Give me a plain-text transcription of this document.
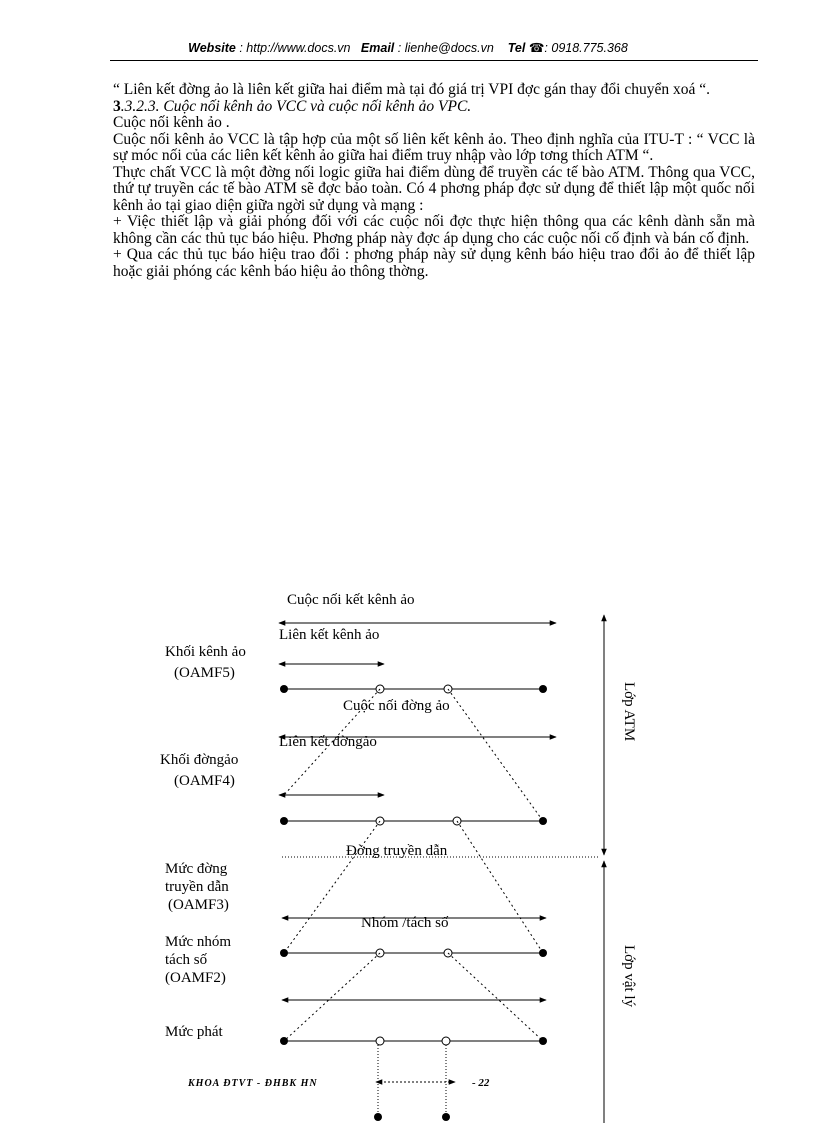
Website : http://www.docs.vn Email : lienhe@docs.vn Tel ☎: 0918.775.368

“ Liên kết đờng ảo là liên kết giữa hai điểm mà tại đó giá trị VPI đợc gán thay đổi chuyển xoá “.

3.3.2.3. Cuộc nối kênh ảo VCC và cuộc nối kênh ảo VPC.

Cuộc nối kênh ảo .

Cuộc nối kênh ảo VCC là tập hợp của một số liên kết kênh ảo. Theo định nghĩa của ITU-T : “ VCC là sự móc nối của các liên kết kênh ảo giữa hai điểm truy nhập vào lớp tơng thích ATM “.

Thực chất VCC là một đờng nối logic giữa hai điểm dùng để truyền các tế bào ATM. Thông qua VCC, thứ tự truyền các tế bào ATM sẽ đợc bảo toàn. Có 4 phơng pháp đợc sử dụng để thiết lập một quốc nối kênh ảo tại giao diện giữa ngời sử dụng và mạng :

+ Việc thiết lập và giải phóng đối với các cuộc nối đợc thực hiện thông qua các kênh dành sẵn mà không cần các thủ tục báo hiệu. Phơng pháp này đợc áp dụng cho các cuộc nối cố định và bán cố định.

+ Qua các thủ tục báo hiệu trao đổi : phơng pháp này sử dụng kênh báo hiệu trao đổi ảo để thiết lập hoặc giải phóng các kênh báo hiệu ảo thông thờng.

Cuộc nối kết kênh ảo
Liên kết kênh ảo
Khối kênh ảo
(OAMF5)
Cuộc nối đờng ảo
Liên kết đờngảo
Khối đờngảo
(OAMF4)
Đờng truyền dẫn
Mức đờng
truyền dẫn
(OAMF3)
Nhóm /tách số
Mức nhóm
tách số
(OAMF2)
Mức phát
KHOA ĐTVT - ĐHBK HN	- 22
Lớp ATM
Lớp vật lý
